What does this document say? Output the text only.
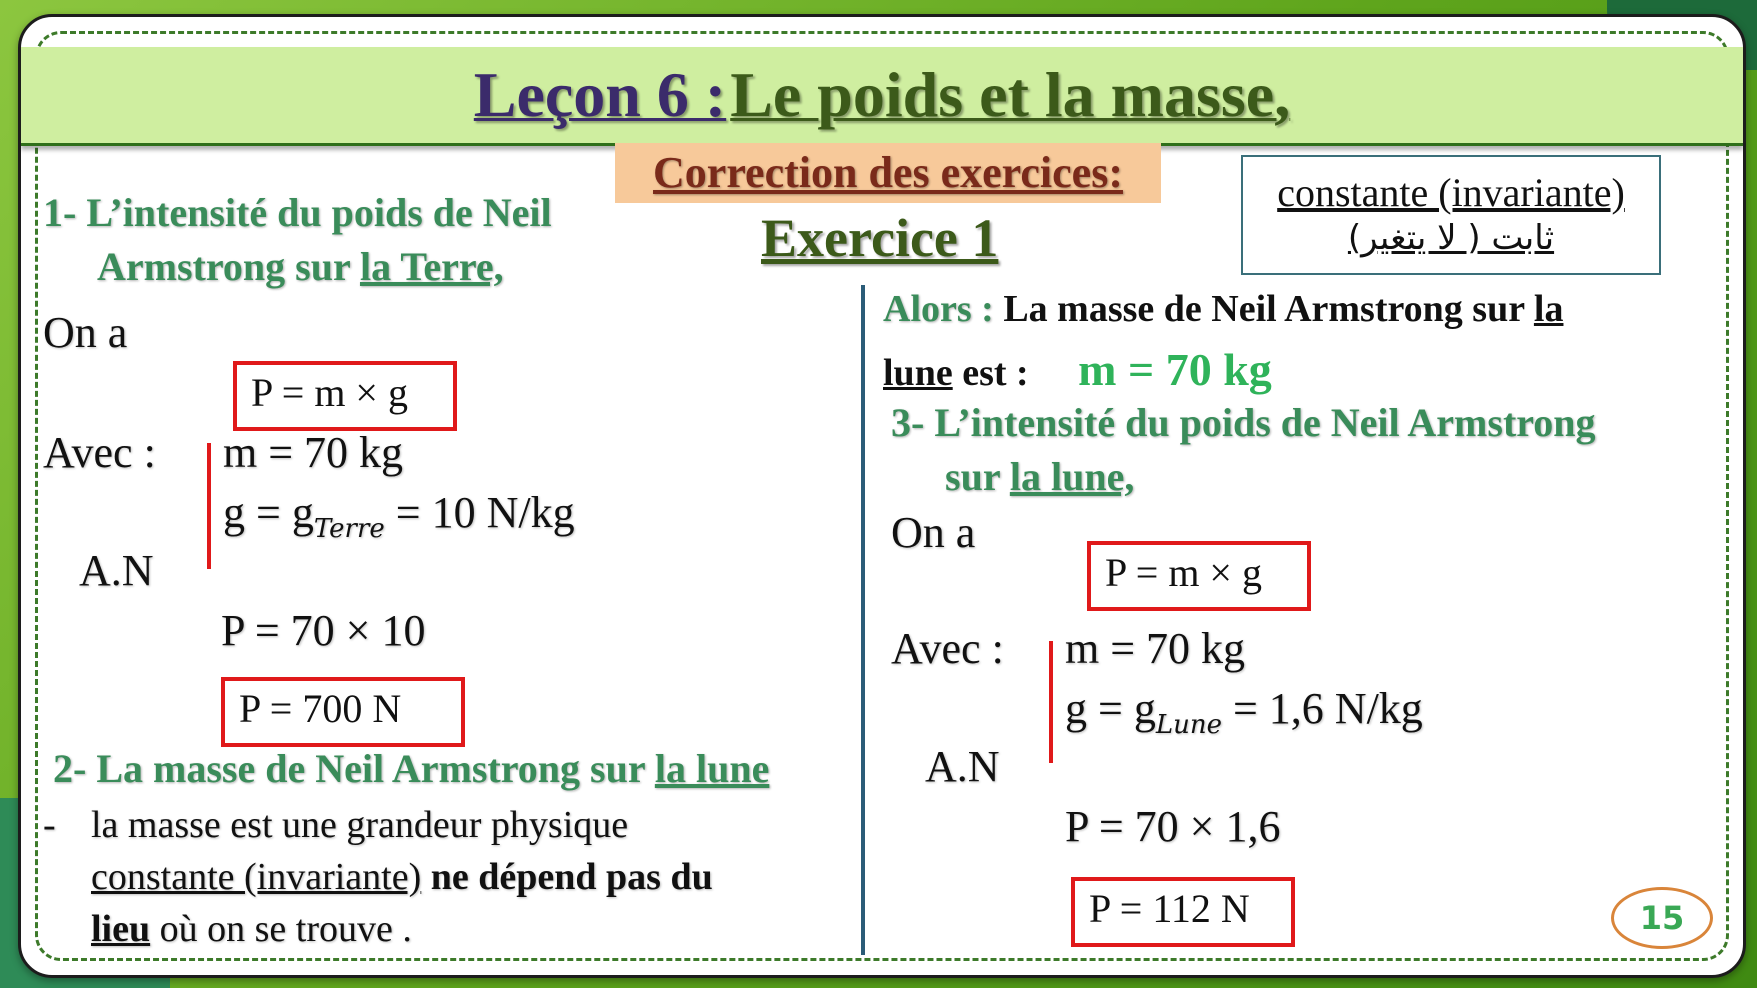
Leçon 6 : Le poids et la masse,
Correction des exercices:
Exercice 1
constante (invariante)
ثابت ( لا يتغير)
1- L’intensité du poids de Neil
Armstrong sur la Terre,
On a
P = m × g
Avec : m = 70 kg
$g = g_{Terre} = 10$ N/kg
A.N
P = 70 × 10
P = 700 N
2- La masse de Neil Armstrong sur la lune
- la masse est une grandeur physique
constante (invariante) ne dépend pas du
lieu où on se trouve .
Alors : La masse de Neil Armstrong sur la
lune est : m = 70 kg
3- L’intensité du poids de Neil Armstrong
sur la lune,
On a
P = m × g
Avec : m = 70 kg
$g = g_{Lune} = 1,6$ N/kg
A.N
P = 70 × 1,6
P = 112 N	15
